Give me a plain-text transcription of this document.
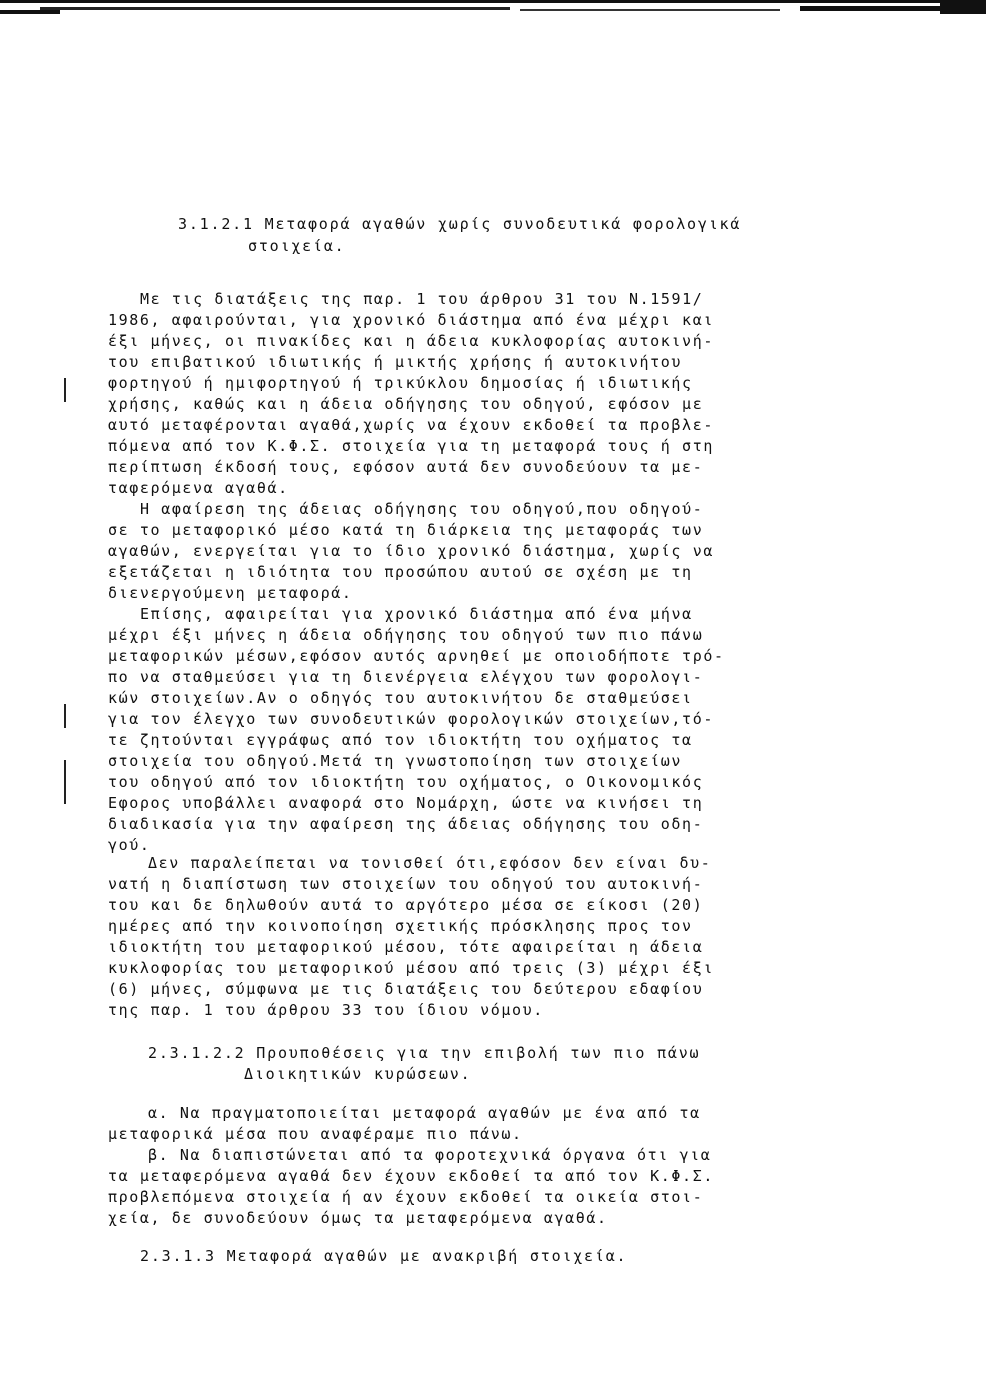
3.1.2.1 Μεταφορά αγαθών χωρίς συνοδευτικά φορολογικά
στοιχεία.
Με τις διατάξεις της παρ. 1 του άρθρου 31 του Ν.1591/
1986, αφαιρούνται, για χρονικό διάστημα από ένα μέχρι και
έξι μήνες, οι πινακίδες και η άδεια κυκλοφορίας αυτοκινή-
του επιβατικού ιδιωτικής ή μικτής χρήσης ή αυτοκινήτου
φορτηγού ή ημιφορτηγού ή τρικύκλου δημοσίας ή ιδιωτικής
χρήσης, καθώς και η άδεια οδήγησης του οδηγού, εφόσον με
αυτό μεταφέρονται αγαθά,χωρίς να έχουν εκδοθεί τα προβλε-
πόμενα από τον Κ.Φ.Σ. στοιχεία για τη μεταφορά τους ή στη
περίπτωση έκδοσή τους, εφόσον αυτά δεν συνοδεύουν τα με-
ταφερόμενα αγαθά.
Η αφαίρεση της άδειας οδήγησης του οδηγού,που οδηγού-
σε το μεταφορικό μέσο κατά τη διάρκεια της μεταφοράς των
αγαθών, ενεργείται για το ίδιο χρονικό διάστημα, χωρίς να
εξετάζεται η ιδιότητα του προσώπου αυτού σε σχέση με τη
διενεργούμενη μεταφορά.
Επίσης, αφαιρείται για χρονικό διάστημα από ένα μήνα
μέχρι έξι μήνες η άδεια οδήγησης του οδηγού των πιο πάνω
μεταφορικών μέσων,εφόσον αυτός αρνηθεί με οποιοδήποτε τρό-
πο να σταθμεύσει για τη διενέργεια ελέγχου των φορολογι-
κών στοιχείων.Αν ο οδηγός του αυτοκινήτου δε σταθμεύσει
για τον έλεγχο των συνοδευτικών φορολογικών στοιχείων,τό-
τε ζητούνται εγγράφως από τον ιδιοκτήτη του οχήματος τα
στοιχεία του οδηγού.Μετά τη γνωστοποίηση των στοιχείων
του οδηγού από τον ιδιοκτήτη του οχήματος, ο Οικονομικός
Εφορος υποβάλλει αναφορά στο Νομάρχη, ώστε να κινήσει τη
διαδικασία για την αφαίρεση της άδειας οδήγησης του οδη-
γού.
Δεν παραλείπεται να τονισθεί ότι,εφόσον δεν είναι δυ-
νατή η διαπίστωση των στοιχείων του οδηγού του αυτοκινή-
του και δε δηλωθούν αυτά το αργότερο μέσα σε είκοσι (20)
ημέρες από την κοινοποίηση σχετικής πρόσκλησης προς τον
ιδιοκτήτη του μεταφορικού μέσου, τότε αφαιρείται η άδεια
κυκλοφορίας του μεταφορικού μέσου από τρεις (3) μέχρι έξι
(6) μήνες, σύμφωνα με τις διατάξεις του δεύτερου εδαφίου
της παρ. 1 του άρθρου 33 του ίδιου νόμου.
2.3.1.2.2 Προυποθέσεις για την επιβολή των πιο πάνω
Διοικητικών κυρώσεων.
α. Να πραγματοποιείται μεταφορά αγαθών με ένα από τα
μεταφορικά μέσα που αναφέραμε πιο πάνω.
β. Να διαπιστώνεται από τα φοροτεχνικά όργανα ότι για
τα μεταφερόμενα αγαθά δεν έχουν εκδοθεί τα από τον Κ.Φ.Σ.
προβλεπόμενα στοιχεία ή αν έχουν εκδοθεί τα οικεία στοι-
χεία, δε συνοδεύουν όμως τα μεταφερόμενα αγαθά.
2.3.1.3 Μεταφορά αγαθών με ανακριβή στοιχεία.
